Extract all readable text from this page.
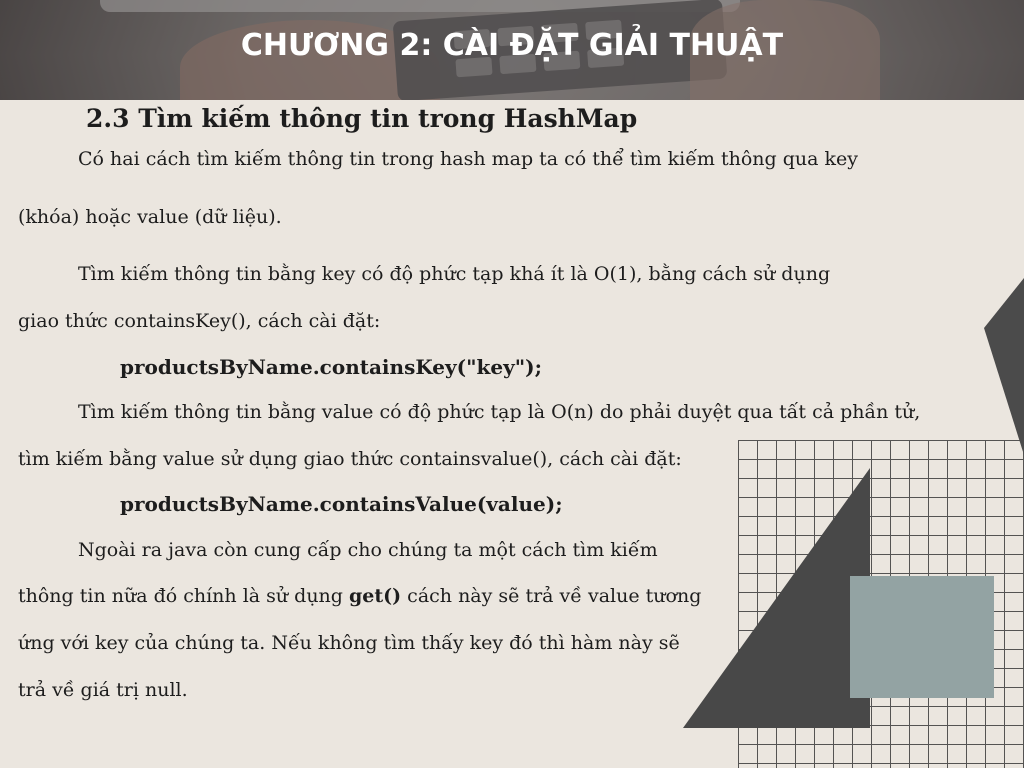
CHƯƠNG 2: CÀI ĐẶT GIẢI THUẬT
2.3 Tìm kiếm thông tin trong HashMap
Có hai cách tìm kiếm thông tin trong hash map ta có thể tìm kiếm thông qua key
(khóa) hoặc value (dữ liệu).
Tìm kiếm thông tin bằng key có độ phức tạp khá ít là O(1), bằng cách sử dụng
giao thức containsKey(), cách cài đặt:
productsByName.containsKey("key");
Tìm kiếm thông tin bằng value có độ phức tạp là O(n) do phải duyệt qua tất cả phần tử,
tìm kiếm bằng value sử dụng giao thức containsvalue(), cách cài đặt:
productsByName.containsValue(value);
Ngoài ra java còn cung cấp cho chúng ta một cách tìm kiếm
thông tin nữa đó chính là sử dụng get() cách này sẽ trả về value tương
ứng với key của chúng ta. Nếu không tìm thấy key đó thì hàm này sẽ
trả về giá trị null.
